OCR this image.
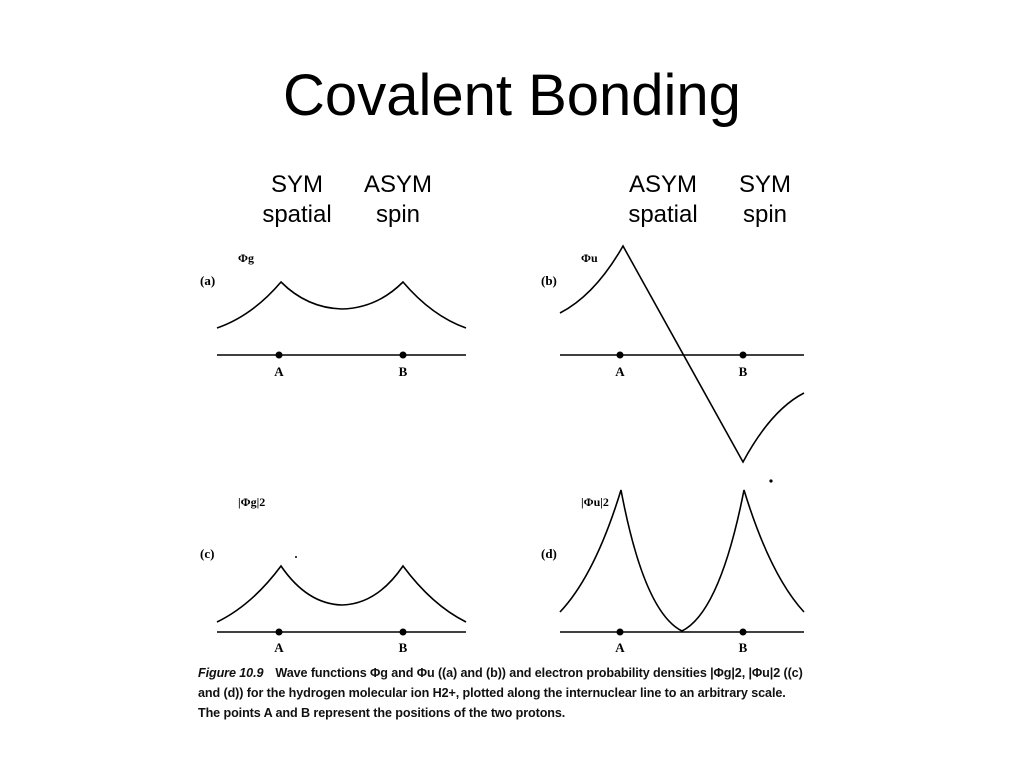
Covalent Bonding
SYM
spatial
ASYM
spin
ASYM
spatial
SYM
spin
(a)	(b)
(c)	(d)
Φg	Φu
|Φg|2	|Φu|2
A	B	A	B
A	B	A	B
Figure 10.9 Wave functions Φg and Φu ((a) and (b)) and electron probability densities |Φg|2, |Φu|2 ((c) and (d)) for the hydrogen molecular ion H2+, plotted along the internuclear line to an arbitrary scale. The points A and B represent the positions of the two protons.
